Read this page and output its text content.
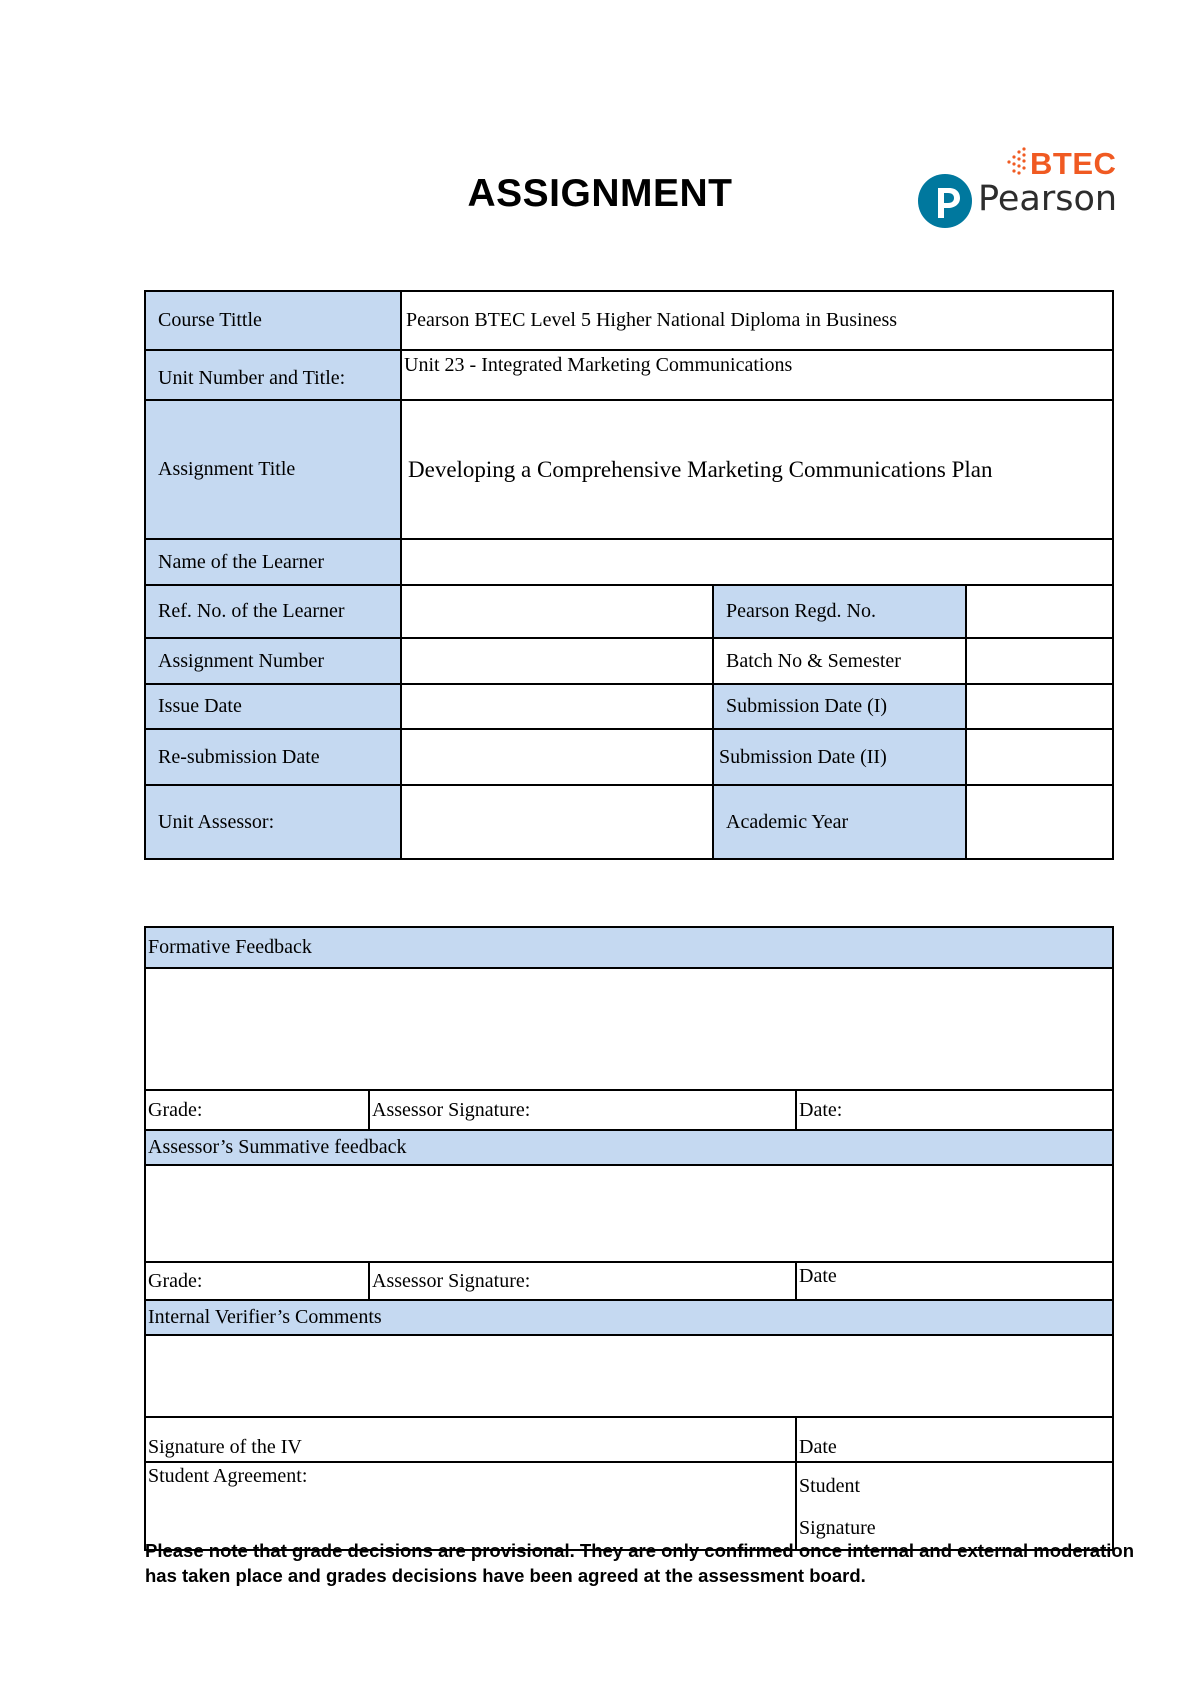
ASSIGNMENT
BTEC
Pearson
Course Tittle	Pearson BTEC Level 5 Higher National Diploma in Business		
Unit Number and Title:	Unit 23 - Integrated Marketing Communications		
Assignment Title	Developing a Comprehensive Marketing Communications Plan		
Name of the Learner			
Ref. No. of the Learner		Pearson Regd. No.	
Assignment Number		Batch No & Semester	
Issue Date		Submission Date (I)	
Re-submission Date		Submission Date (II)	
Unit Assessor:		Academic Year	
Formative Feedback		

Grade:	Assessor Signature:	Date:
Assessor’s Summative feedback		

Grade:	Assessor Signature:	Date
Internal Verifier’s Comments		

Signature of the IV		Date
Student Agreement:		Student
Signature
Please note that grade decisions are provisional. They are only confirmed once internal and external moderation has taken place and grades decisions have been agreed at the assessment board.
